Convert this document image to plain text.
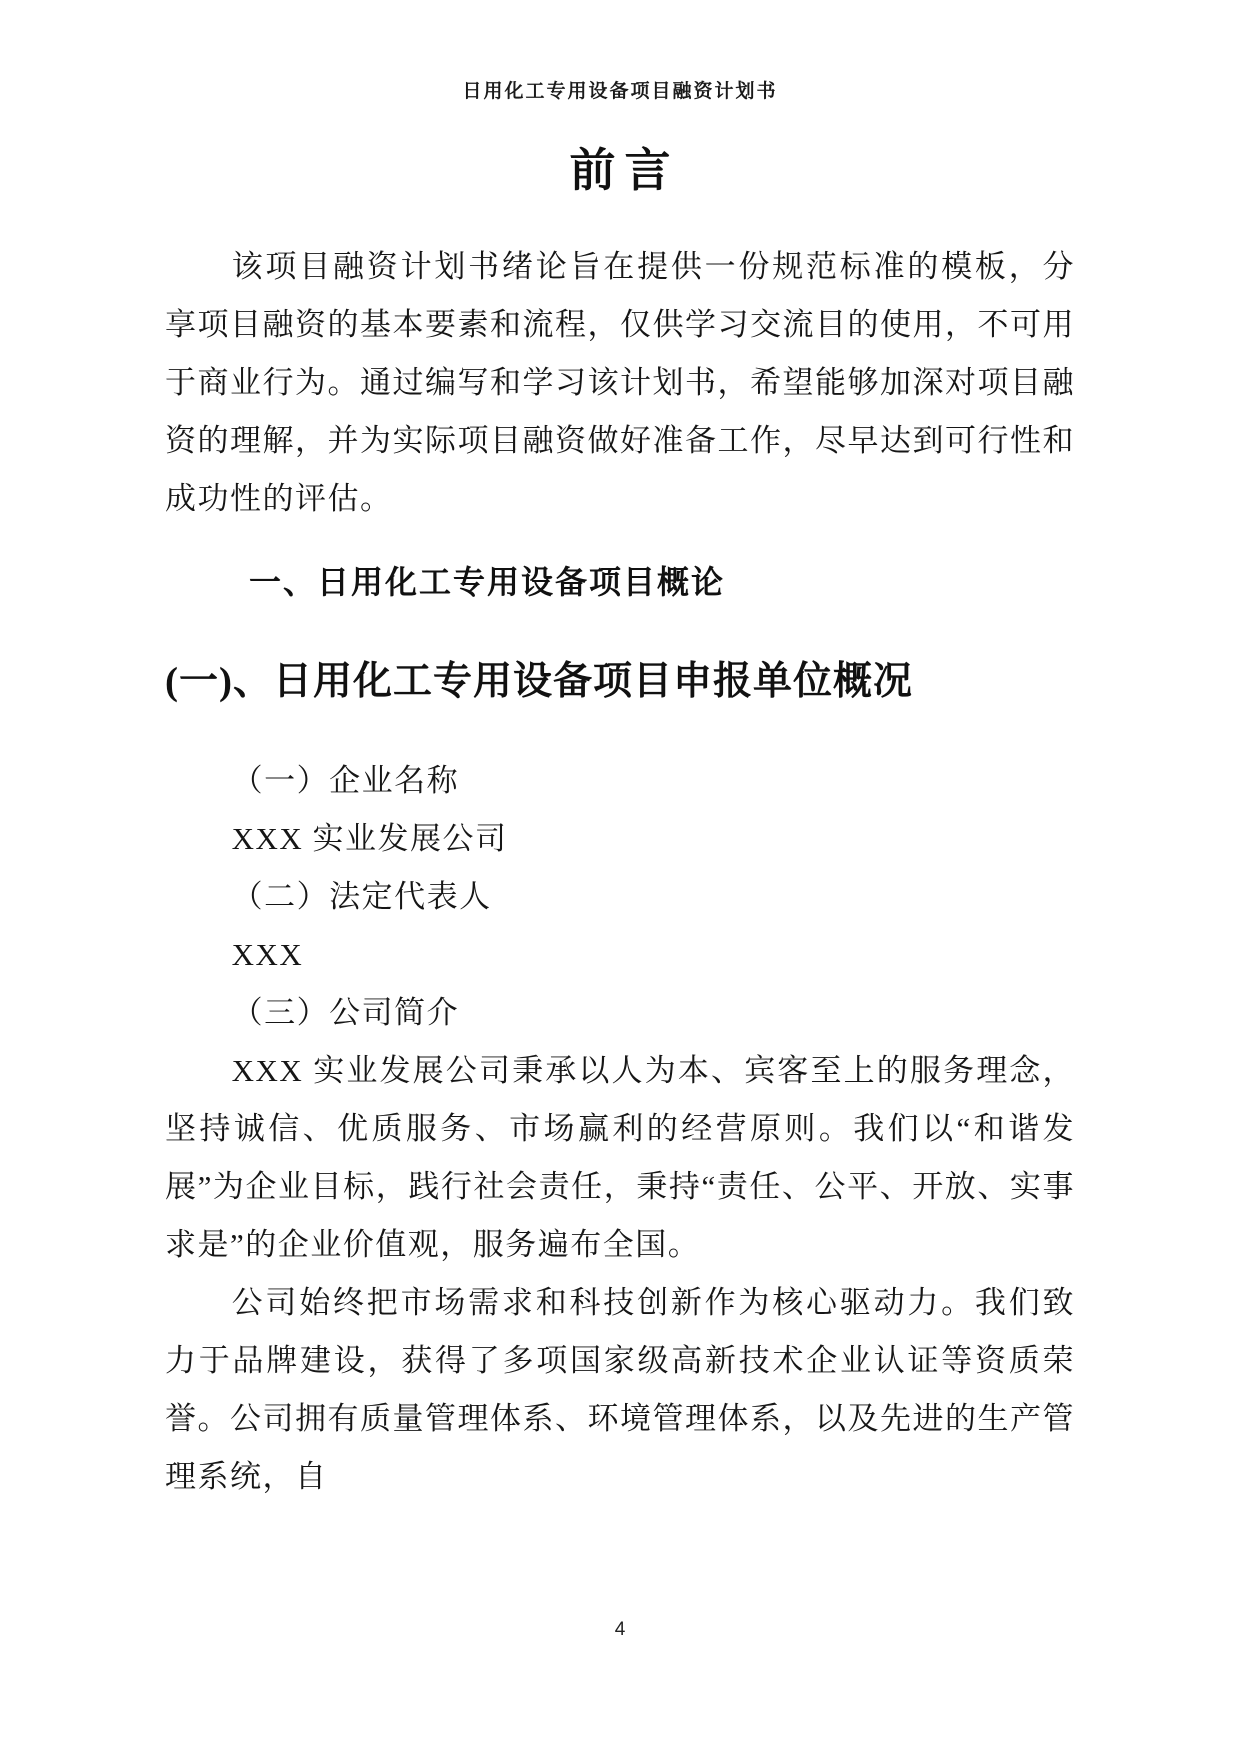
日用化工专用设备项目融资计划书
前言

该项目融资计划书绪论旨在提供一份规范标准的模板，分享项目融资的基本要素和流程，仅供学习交流目的使用，不可用于商业行为。通过编写和学习该计划书，希望能够加深对项目融资的理解，并为实际项目融资做好准备工作，尽早达到可行性和成功性的评估。

一、日用化工专用设备项目概论
(一)、日用化工专用设备项目申报单位概况

（一）企业名称

XXX 实业发展公司

（二）法定代表人

XXX

（三）公司简介

XXX 实业发展公司秉承以人为本、宾客至上的服务理念，坚持诚信、优质服务、市场赢利的经营原则。我们以“和谐发展”为企业目标，践行社会责任，秉持“责任、公平、开放、实事求是”的企业价值观，服务遍布全国。

公司始终把市场需求和科技创新作为核心驱动力。我们致力于品牌建设，获得了多项国家级高新技术企业认证等资质荣誉。公司拥有质量管理体系、环境管理体系，以及先进的生产管理系统，自

4
